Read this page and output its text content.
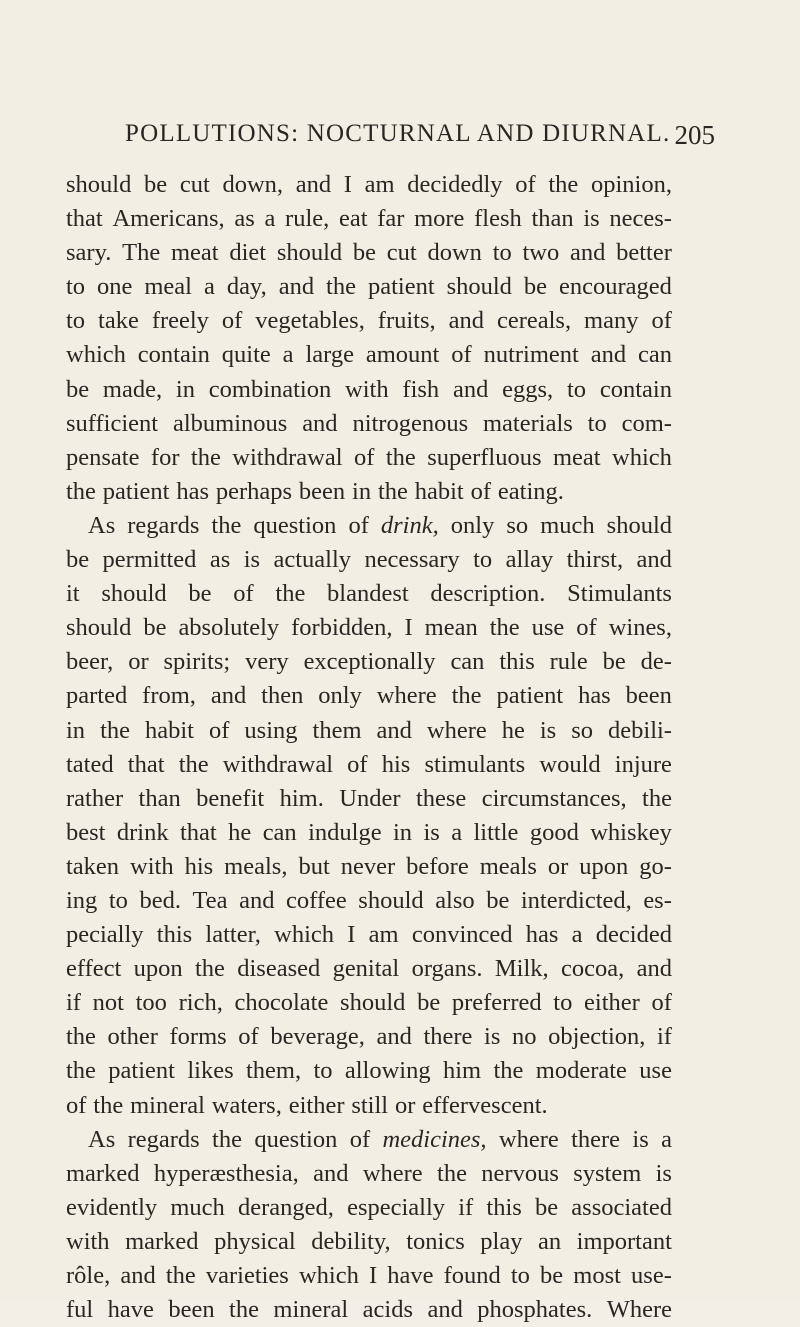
POLLUTIONS: NOCTURNAL AND DIURNAL. 205
should be cut down, and I am decidedly of the opinion,
that Americans, as a rule, eat far more flesh than is neces-
sary. The meat diet should be cut down to two and better
to one meal a day, and the patient should be encouraged
to take freely of vegetables, fruits, and cereals, many of
which contain quite a large amount of nutriment and can
be made, in combination with fish and eggs, to contain
sufficient albuminous and nitrogenous materials to com-
pensate for the withdrawal of the superfluous meat which
the patient has perhaps been in the habit of eating.
As regards the question of drink, only so much should
be permitted as is actually necessary to allay thirst, and
it should be of the blandest description. Stimulants
should be absolutely forbidden, I mean the use of wines,
beer, or spirits; very exceptionally can this rule be de-
parted from, and then only where the patient has been
in the habit of using them and where he is so debili-
tated that the withdrawal of his stimulants would injure
rather than benefit him. Under these circumstances, the
best drink that he can indulge in is a little good whiskey
taken with his meals, but never before meals or upon go-
ing to bed. Tea and coffee should also be interdicted, es-
pecially this latter, which I am convinced has a decided
effect upon the diseased genital organs. Milk, cocoa, and
if not too rich, chocolate should be preferred to either of
the other forms of beverage, and there is no objection, if
the patient likes them, to allowing him the moderate use
of the mineral waters, either still or effervescent.
As regards the question of medicines, where there is a
marked hyperæsthesia, and where the nervous system is
evidently much deranged, especially if this be associated
with marked physical debility, tonics play an important
rôle, and the varieties which I have found to be most use-
ful have been the mineral acids and phosphates. Where
